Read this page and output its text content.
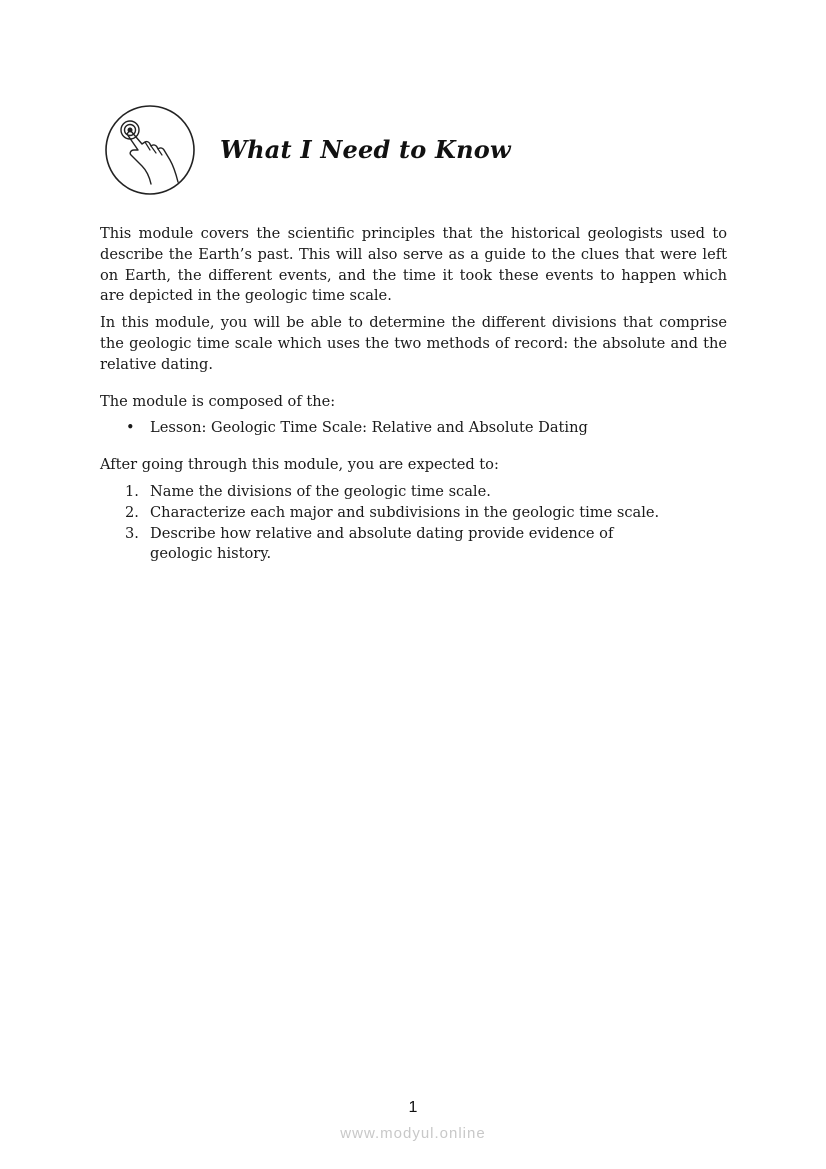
What I Need to Know

This module covers the scientific principles that the historical geologists used to describe the Earth’s past. This will also serve as a guide to the clues that were left on Earth, the different events, and the time it took these events to happen which are depicted in the geologic time scale.

In this module, you will be able to determine the different divisions that comprise the geologic time scale which uses the two methods of record: the absolute and the relative dating.

The module is composed of the:

• Lesson: Geologic Time Scale: Relative and Absolute Dating

After going through this module, you are expected to:

1. Name the divisions of the geologic time scale.
2. Characterize each major and subdivisions in the geologic time scale.
3. Describe how relative and absolute dating provide evidence of geologic history.
1
www.modyul.online
